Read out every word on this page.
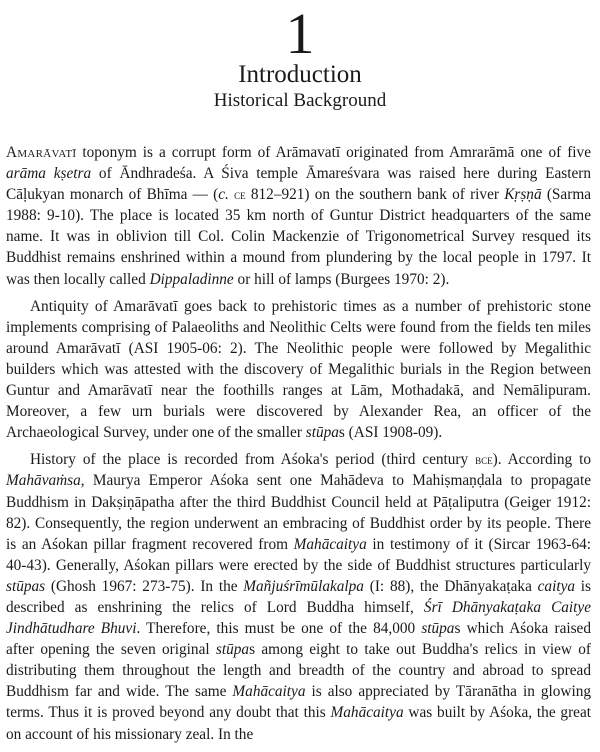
1
Introduction
Historical Background

Amarāvatī toponym is a corrupt form of Arāmavatī originated from Amrarāmā one of five arāma kṣetra of Āndhradeśa. A Śiva temple Āmareśvara was raised here during Eastern Cāḷukyan monarch of Bhīma — (c. ce 812–921) on the southern bank of river Kṛṣṇā (Sarma 1988: 9-10). The place is located 35 km north of Guntur District headquarters of the same name. It was in oblivion till Col. Colin Mackenzie of Trigonometrical Survey resqued its Buddhist remains enshrined within a mound from plundering by the local people in 1797. It was then locally called Dippaladinne or hill of lamps (Burgees 1970: 2).

Antiquity of Amarāvatī goes back to prehistoric times as a number of prehistoric stone implements comprising of Palaeoliths and Neolithic Celts were found from the fields ten miles around Amarāvatī (ASI 1905-06: 2). The Neolithic people were followed by Megalithic builders which was attested with the discovery of Megalithic burials in the Region between Guntur and Amarāvatī near the foothills ranges at Lām, Mothadakā, and Nemālipuram. Moreover, a few urn burials were discovered by Alexander Rea, an officer of the Archaeological Survey, under one of the smaller stūpas (ASI 1908-09).

History of the place is recorded from Aśoka's period (third century bce). According to Mahāvaṁsa, Maurya Emperor Aśoka sent one Mahādeva to Mahiṣmaṇḍala to propagate Buddhism in Dakṣiṇāpatha after the third Buddhist Council held at Pāṭaliputra (Geiger 1912: 82). Consequently, the region underwent an embracing of Buddhist order by its people. There is an Aśokan pillar fragment recovered from Mahācaitya in testimony of it (Sircar 1963-64: 40-43). Generally, Aśokan pillars were erected by the side of Buddhist structures particularly stūpas (Ghosh 1967: 273-75). In the Mañjuśrīmūlakalpa (I: 88), the Dhānyakaṭaka caitya is described as enshrining the relics of Lord Buddha himself, Śrī Dhānyakaṭaka Caitye Jindhātudhare Bhuvi. Therefore, this must be one of the 84,000 stūpas which Aśoka raised after opening the seven original stūpas among eight to take out Buddha's relics in view of distributing them throughout the length and breadth of the country and abroad to spread Buddhism far and wide. The same Mahācaitya is also appreciated by Tāranātha in glowing terms. Thus it is proved beyond any doubt that this Mahācaitya was built by Aśoka, the great on account of his missionary zeal. In the
